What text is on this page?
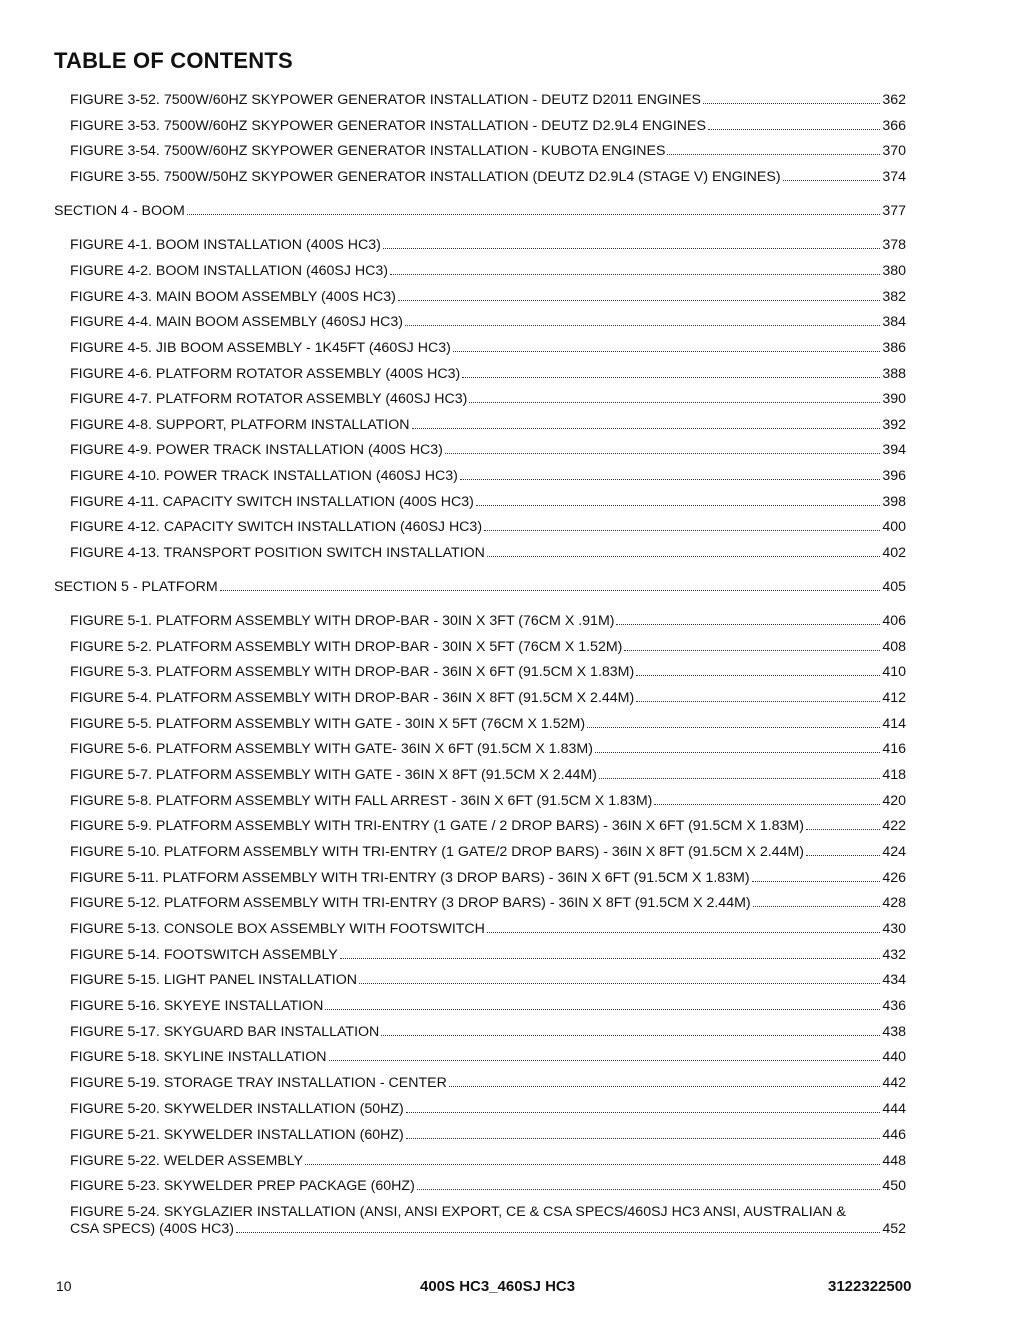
TABLE OF CONTENTS
FIGURE 3-52. 7500W/60HZ SKYPOWER GENERATOR INSTALLATION - DEUTZ D2011 ENGINES	362
FIGURE 3-53. 7500W/60HZ SKYPOWER GENERATOR INSTALLATION - DEUTZ D2.9L4 ENGINES	366
FIGURE 3-54. 7500W/60HZ SKYPOWER GENERATOR INSTALLATION - KUBOTA ENGINES	370
FIGURE 3-55. 7500W/50HZ SKYPOWER GENERATOR INSTALLATION (DEUTZ D2.9L4 (STAGE V) ENGINES)	374
SECTION 4 - BOOM	377
FIGURE 4-1. BOOM INSTALLATION (400S HC3)	378
FIGURE 4-2. BOOM INSTALLATION (460SJ HC3)	380
FIGURE 4-3. MAIN BOOM ASSEMBLY (400S HC3)	382
FIGURE 4-4. MAIN BOOM ASSEMBLY (460SJ HC3)	384
FIGURE 4-5. JIB BOOM ASSEMBLY - 1K45FT (460SJ HC3)	386
FIGURE 4-6. PLATFORM ROTATOR ASSEMBLY (400S HC3)	388
FIGURE 4-7. PLATFORM ROTATOR ASSEMBLY (460SJ HC3)	390
FIGURE 4-8. SUPPORT, PLATFORM INSTALLATION	392
FIGURE 4-9. POWER TRACK INSTALLATION (400S HC3)	394
FIGURE 4-10. POWER TRACK INSTALLATION (460SJ HC3)	396
FIGURE 4-11. CAPACITY SWITCH INSTALLATION (400S HC3)	398
FIGURE 4-12. CAPACITY SWITCH INSTALLATION (460SJ HC3)	400
FIGURE 4-13. TRANSPORT POSITION SWITCH INSTALLATION	402
SECTION 5 - PLATFORM	405
FIGURE 5-1. PLATFORM ASSEMBLY WITH DROP-BAR - 30IN X 3FT (76CM X .91M)	406
FIGURE 5-2. PLATFORM ASSEMBLY WITH DROP-BAR - 30IN X 5FT (76CM X 1.52M)	408
FIGURE 5-3. PLATFORM ASSEMBLY WITH DROP-BAR - 36IN X 6FT (91.5CM X 1.83M)	410
FIGURE 5-4. PLATFORM ASSEMBLY WITH DROP-BAR - 36IN X 8FT (91.5CM X 2.44M)	412
FIGURE 5-5. PLATFORM ASSEMBLY WITH GATE - 30IN X 5FT (76CM X 1.52M)	414
FIGURE 5-6. PLATFORM ASSEMBLY WITH GATE- 36IN X 6FT (91.5CM X 1.83M)	416
FIGURE 5-7. PLATFORM ASSEMBLY WITH GATE - 36IN X 8FT (91.5CM X 2.44M)	418
FIGURE 5-8. PLATFORM ASSEMBLY WITH FALL ARREST - 36IN X 6FT (91.5CM X 1.83M)	420
FIGURE 5-9. PLATFORM ASSEMBLY WITH TRI-ENTRY (1 GATE / 2 DROP BARS) - 36IN X 6FT (91.5CM X 1.83M)	422
FIGURE 5-10. PLATFORM ASSEMBLY WITH TRI-ENTRY (1 GATE/2 DROP BARS) - 36IN X 8FT (91.5CM X 2.44M)	424
FIGURE 5-11. PLATFORM ASSEMBLY WITH TRI-ENTRY (3 DROP BARS) - 36IN X 6FT (91.5CM X 1.83M)	426
FIGURE 5-12. PLATFORM ASSEMBLY WITH TRI-ENTRY (3 DROP BARS) - 36IN X 8FT (91.5CM X 2.44M)	428
FIGURE 5-13. CONSOLE BOX ASSEMBLY WITH FOOTSWITCH	430
FIGURE 5-14. FOOTSWITCH ASSEMBLY	432
FIGURE 5-15. LIGHT PANEL INSTALLATION	434
FIGURE 5-16. SKYEYE INSTALLATION	436
FIGURE 5-17. SKYGUARD BAR INSTALLATION	438
FIGURE 5-18. SKYLINE INSTALLATION	440
FIGURE 5-19. STORAGE TRAY INSTALLATION - CENTER	442
FIGURE 5-20. SKYWELDER INSTALLATION (50HZ)	444
FIGURE 5-21. SKYWELDER INSTALLATION (60HZ)	446
FIGURE 5-22. WELDER ASSEMBLY	448
FIGURE 5-23. SKYWELDER PREP PACKAGE (60HZ)	450
FIGURE 5-24. SKYGLAZIER INSTALLATION (ANSI, ANSI EXPORT, CE & CSA SPECS/460SJ HC3 ANSI, AUSTRALIAN &
CSA SPECS) (400S HC3)	452
10	400S HC3_460SJ HC3	3122322500
